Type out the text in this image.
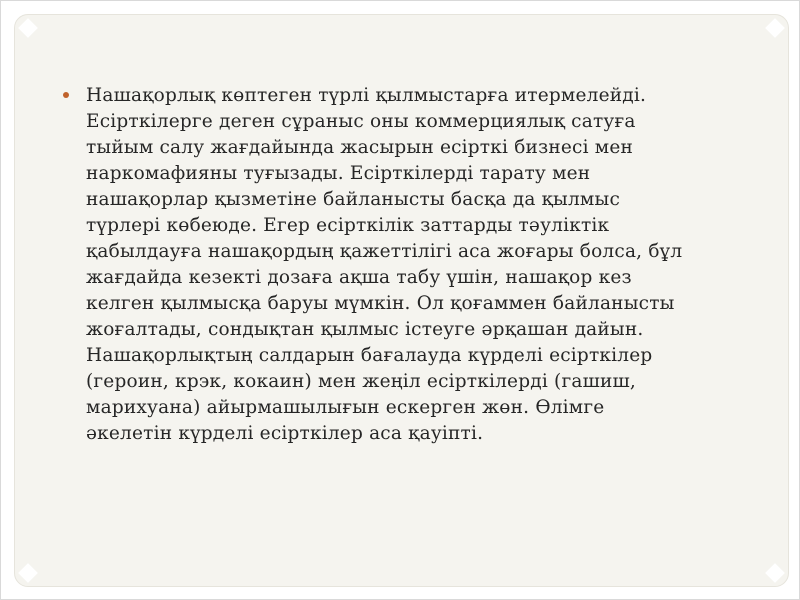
Нашақорлық көптеген түрлі қылмыстарға итермелейді.
Есірткілерге деген сұраныс оны коммерциялық сатуға
тыйым салу жағдайында жасырын есірткі бизнесі мен
наркомафияны туғызады. Есірткілерді тарату мен
нашақорлар қызметіне байланысты басқа да қылмыс
түрлері көбеюде. Егер есірткілік заттарды тәуліктік
қабылдауға нашақордың қажеттілігі аса жоғары болса, бұл
жағдайда кезекті дозаға ақша табу үшін, нашақор кез
келген қылмысқа баруы мүмкін. Ол қоғаммен байланысты
жоғалтады, сондықтан қылмыс істеуге әрқашан дайын.
Нашақорлықтың салдарын бағалауда күрделі есірткілер
(героин, крэк, кокаин) мен жеңіл есірткілерді (гашиш,
марихуана) айырмашылығын ескерген жөн. Өлімге
әкелетін күрделі есірткілер аса қауіпті.
